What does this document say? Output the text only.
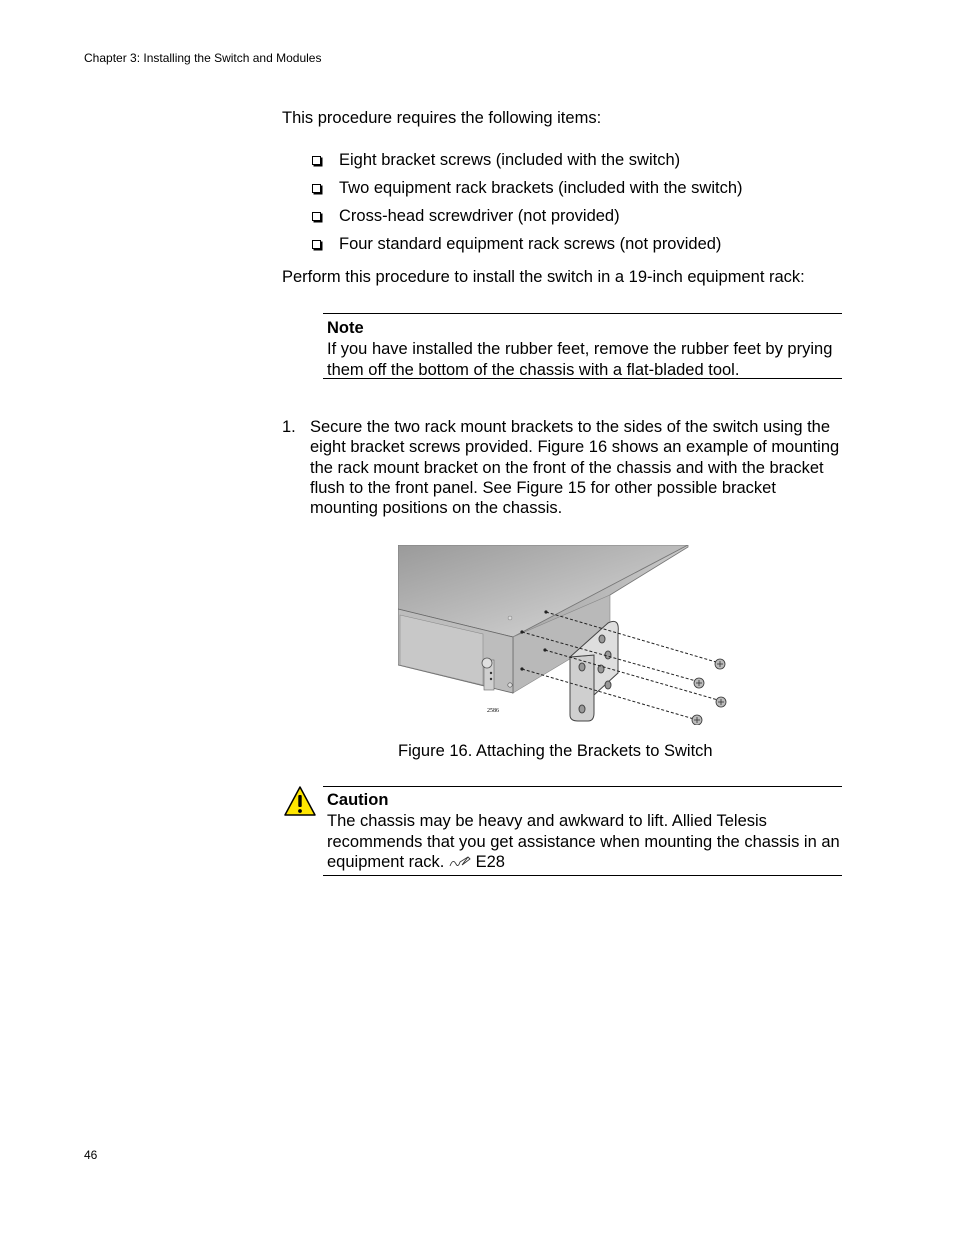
Chapter 3: Installing the Switch and Modules
This procedure requires the following items:
Eight bracket screws (included with the switch)
Two equipment rack brackets (included with the switch)
Cross-head screwdriver (not provided)
Four standard equipment rack screws (not provided)
Perform this procedure to install the switch in a 19-inch equipment rack:
Note
If you have installed the rubber feet, remove the rubber feet by prying them off the bottom of the chassis with a flat-bladed tool.
1. Secure the two rack mount brackets to the sides of the switch using the eight bracket screws provided. Figure 16 shows an example of mounting the rack mount bracket on the front of the chassis and with the bracket flush to the front panel. See Figure 15 for other possible bracket mounting positions on the chassis.
2586
Figure 16. Attaching the Brackets to Switch
Caution
The chassis may be heavy and awkward to lift. Allied Telesis recommends that you get assistance when mounting the chassis in an equipment rack. E28
46
